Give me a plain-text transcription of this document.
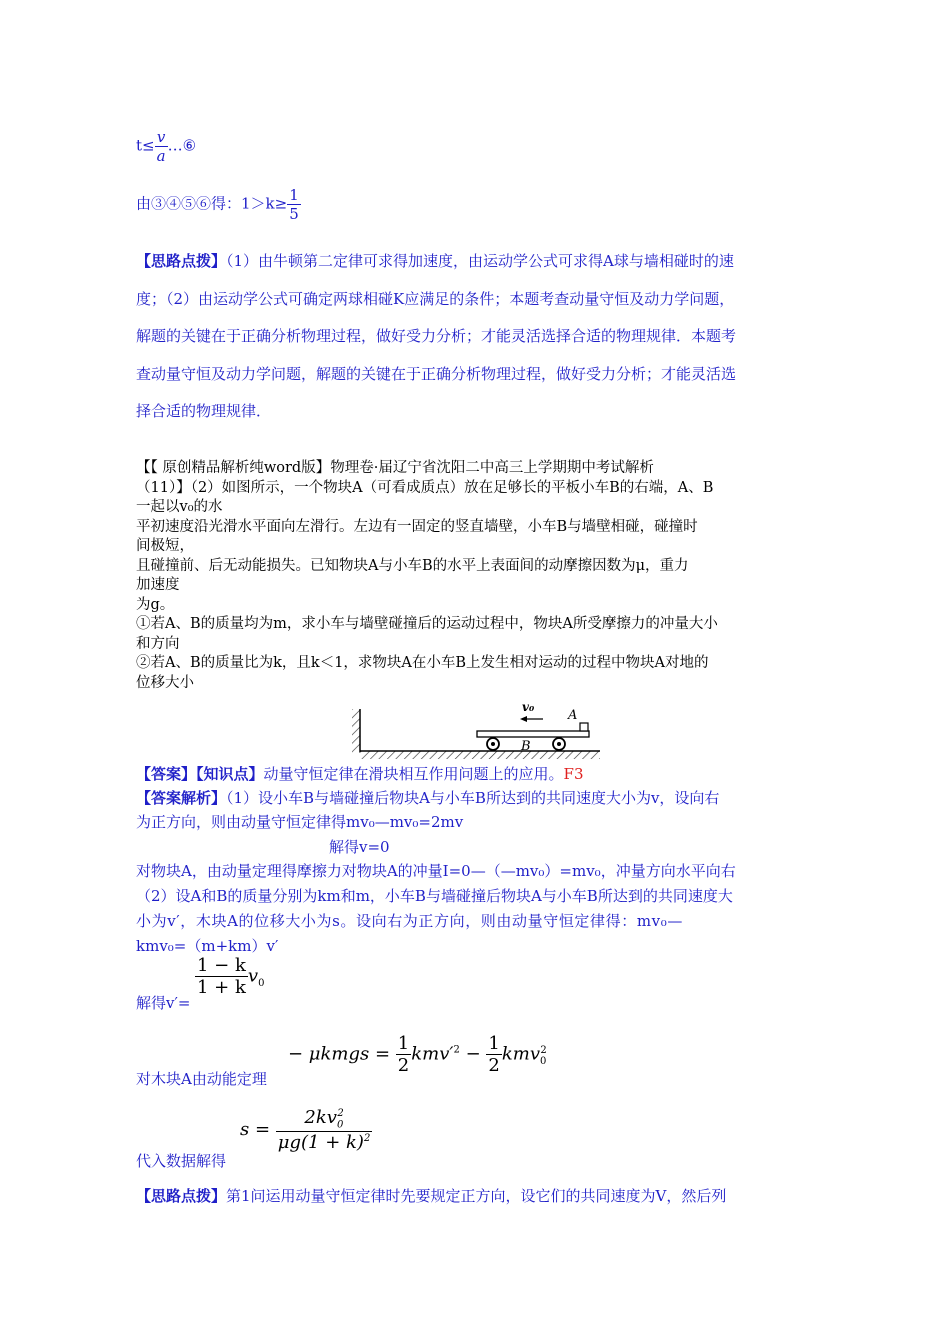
$t\le \frac{v}{a}$ …⑥
由③④⑤⑥得：$1>k\ge \frac{1}{5}$
【思路点拨】（1）由牛顿第二定律可求得加速度，由运动学公式可求得A球与墙相碰时的速
度；（2）由运动学公式可确定两球相碰K应满足的条件；本题考查动量守恒及动力学问题，
解题的关键在于正确分析物理过程，做好受力分析；才能灵活选择合适的物理规律．本题考
查动量守恒及动力学问题，解题的关键在于正确分析物理过程，做好受力分析；才能灵活选
择合适的物理规律．
【【 原创精品解析纯word版】物理卷·届辽宁省沈阳二中高三上学期期中考试解析
（11）】（2）如图所示，一个物块A（可看成质点）放在足够长的平板小车B的右端，A、B
一起以v₀的水
平初速度沿光滑水平面向左滑行。左边有一固定的竖直墙壁，小车B与墙壁相碰，碰撞时
间极短，
且碰撞前、后无动能损失。已知物块A与小车B的水平上表面间的动摩擦因数为μ，重力
加速度
为g。
①若A、B的质量均为m，求小车与墙壁碰撞后的运动过程中，物块A所受摩擦力的冲量大小
和方向
②若A、B的质量比为k，且k＜1，求物块A在小车B上发生相对运动的过程中物块A对地的
位移大小
v₀
A
B
【答案】【知识点】动量守恒定律在滑块相互作用问题上的应用。F3
【答案解析】（1）设小车B与墙碰撞后物块A与小车B所达到的共同速度大小为v，设向右
为正方向，则由动量守恒定律得mv₀—mv₀=2mv
解得v=0
对物块A，由动量定理得摩擦力对物块A的冲量I=0—（—mv₀）=mv₀，冲量方向水平向右
（2）设A和B的质量分别为km和m，小车B与墙碰撞后物块A与小车B所达到的共同速度大
小为v′，木块A的位移大小为s。设向右为正方向，则由动量守恒定律得：mv₀—
kmv₀=（m+km）v′
$\frac{1 - k}{1 + k} v_0$
解得v′=
− μkmgs = $\frac{1}{2} kmv'^2 - \frac{1}{2} kmv_0^2$
对木块A由动能定理
$s = \frac{2kv_0^2}{\mu g(1 + k)^2}$
代入数据解得
【思路点拨】第1问运用动量守恒定律时先要规定正方向，设它们的共同速度为V，然后列
